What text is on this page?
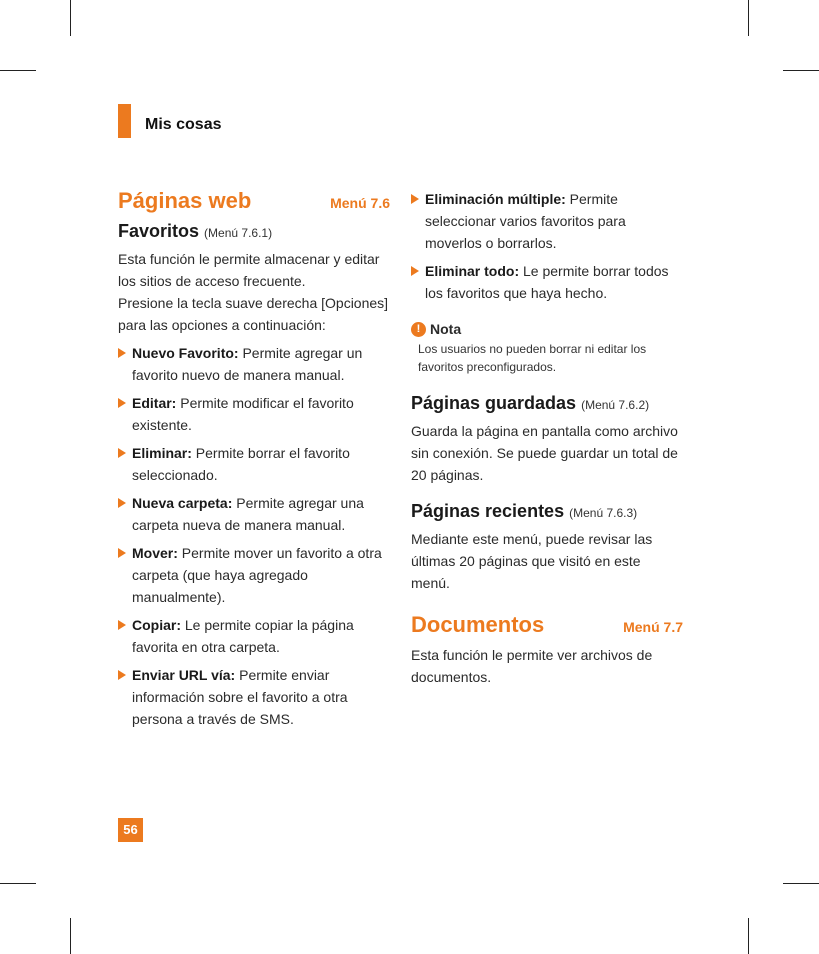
Mis cosas
Páginas web	Menú 7.6
Favoritos (Menú 7.6.1)

Esta función le permite almacenar y editar los sitios de acceso frecuente.

Presione la tecla suave derecha [Opciones] para las opciones a continuación:

Nuevo Favorito: Permite agregar un favorito nuevo de manera manual.
Editar: Permite modificar el favorito existente.
Eliminar: Permite borrar el favorito seleccionado.
Nueva carpeta: Permite agregar una carpeta nueva de manera manual.
Mover: Permite mover un favorito a otra carpeta (que haya agregado manualmente).
Copiar: Le permite copiar la página favorita en otra carpeta.
Enviar URL vía: Permite enviar información sobre el favorito a otra persona a través de SMS.
Eliminación múltiple: Permite seleccionar varios favoritos para moverlos o borrarlos.
Eliminar todo: Le permite borrar todos los favoritos que haya hecho.
! Nota
Los usuarios no pueden borrar ni editar los favoritos preconfigurados.
Páginas guardadas (Menú 7.6.2)

Guarda la página en pantalla como archivo sin conexión. Se puede guardar un total de 20 páginas.

Páginas recientes (Menú 7.6.3)

Mediante este menú, puede revisar las últimas 20 páginas que visitó en este menú.

Documentos	Menú 7.7

Esta función le permite ver archivos de documentos.

56
